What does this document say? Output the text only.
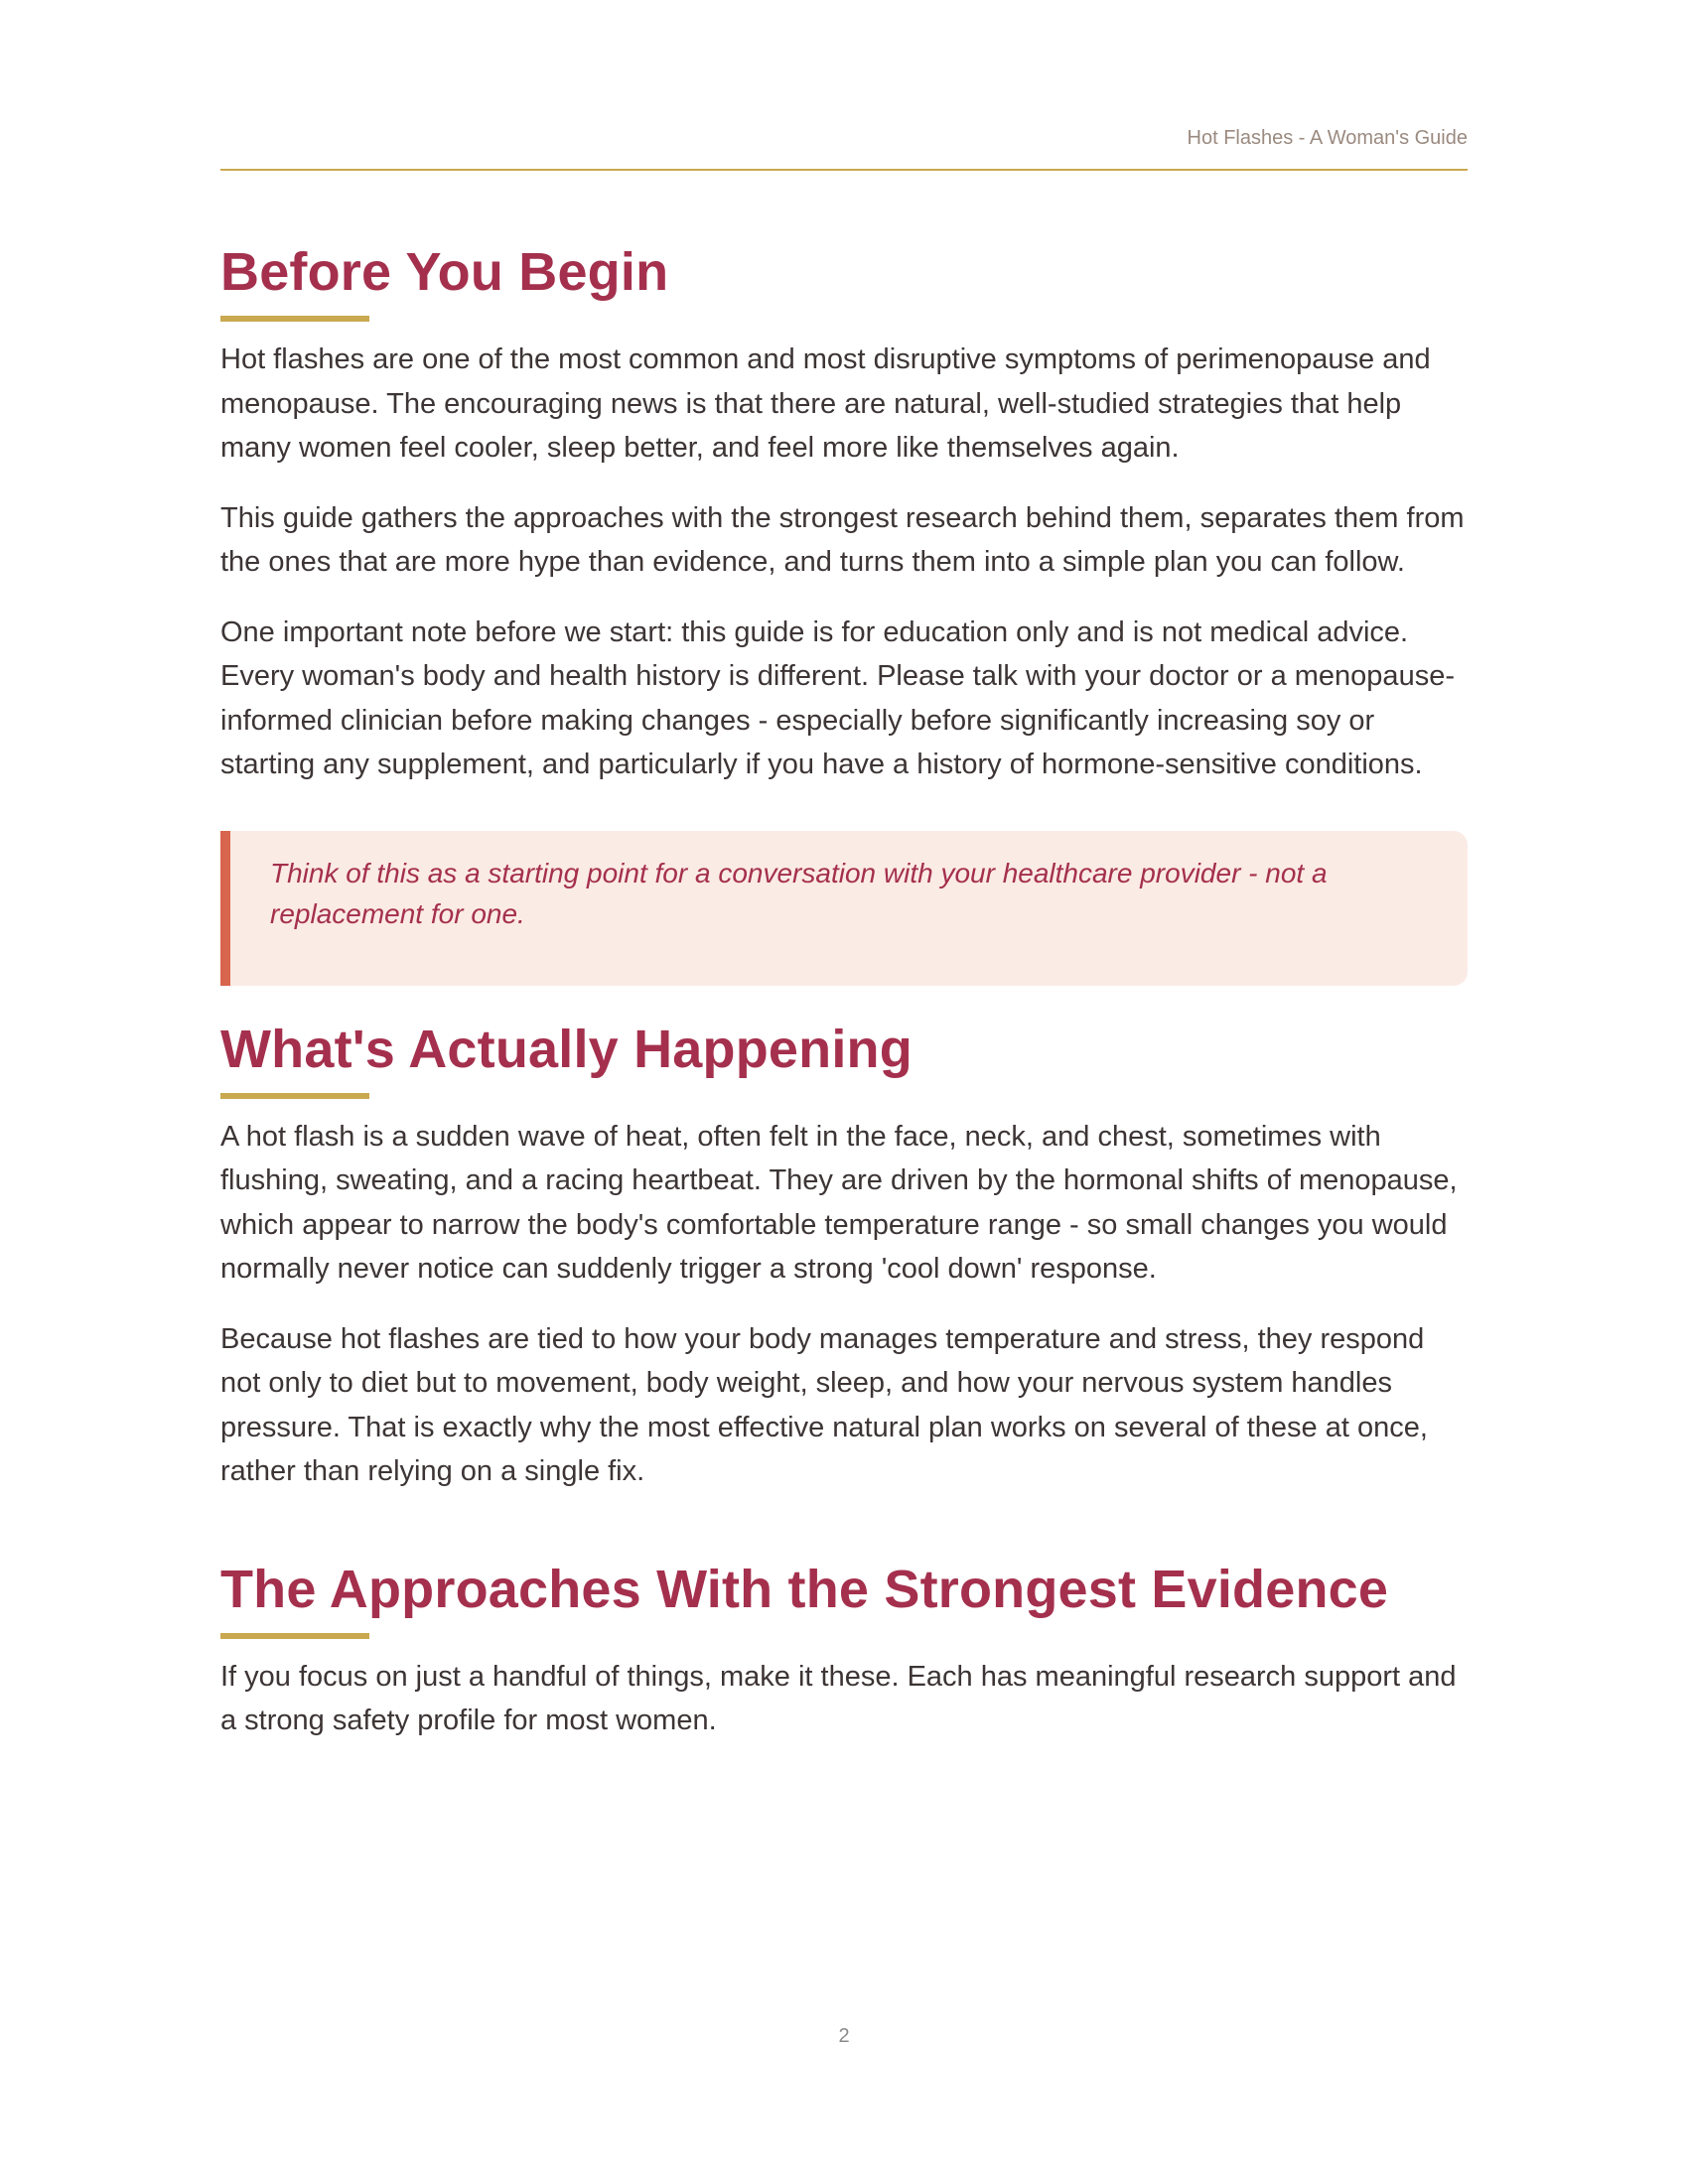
Hot Flashes - A Woman's Guide
Before You Begin

Hot flashes are one of the most common and most disruptive symptoms of perimenopause and menopause. The encouraging news is that there are natural, well-studied strategies that help many women feel cooler, sleep better, and feel more like themselves again.

This guide gathers the approaches with the strongest research behind them, separates them from the ones that are more hype than evidence, and turns them into a simple plan you can follow.

One important note before we start: this guide is for education only and is not medical advice. Every woman's body and health history is different. Please talk with your doctor or a menopause-informed clinician before making changes - especially before significantly increasing soy or starting any supplement, and particularly if you have a history of hormone-sensitive conditions.

Think of this as a starting point for a conversation with your healthcare provider - not a replacement for one.

What's Actually Happening

A hot flash is a sudden wave of heat, often felt in the face, neck, and chest, sometimes with flushing, sweating, and a racing heartbeat. They are driven by the hormonal shifts of menopause, which appear to narrow the body's comfortable temperature range - so small changes you would normally never notice can suddenly trigger a strong 'cool down' response.

Because hot flashes are tied to how your body manages temperature and stress, they respond not only to diet but to movement, body weight, sleep, and how your nervous system handles pressure. That is exactly why the most effective natural plan works on several of these at once, rather than relying on a single fix.

The Approaches With the Strongest Evidence

If you focus on just a handful of things, make it these. Each has meaningful research support and a strong safety profile for most women.

2
